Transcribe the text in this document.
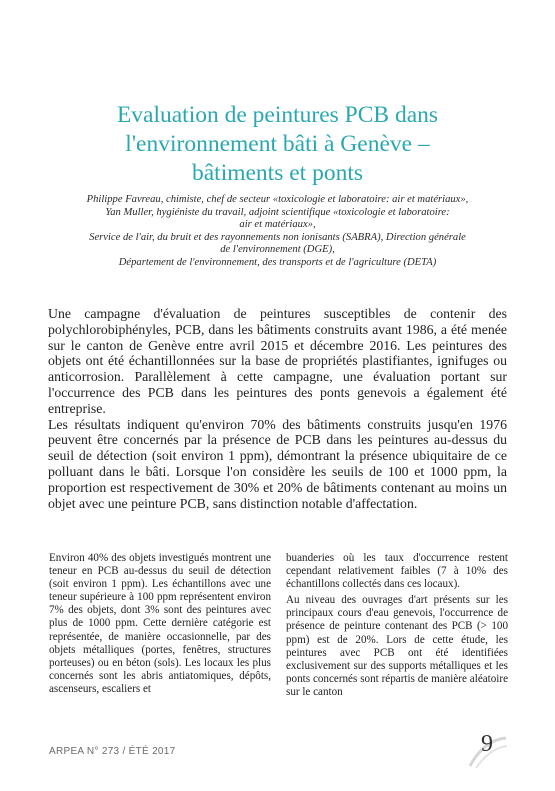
Evaluation de peintures PCB dans
l'environnement bâti à Genève –
bâtiments et ponts
Philippe Favreau, chimiste, chef de secteur «toxicologie et laboratoire: air et matériaux»,
Yan Muller, hygiéniste du travail, adjoint scientifique «toxicologie et laboratoire:
air et matériaux»,
Service de l'air, du bruit et des rayonnements non ionisants (SABRA), Direction générale
de l'environnement (DGE),
Département de l'environnement, des transports et de l'agriculture (DETA)

Une campagne d'évaluation de peintures susceptibles de contenir des polychlorobiphényles, PCB, dans les bâtiments construits avant 1986, a été menée sur le canton de Genève entre avril 2015 et décembre 2016. Les peintures des objets ont été échantillonnées sur la base de propriétés plastifiantes, ignifuges ou anticorrosion. Parallèlement à cette campagne, une évaluation portant sur l'occurrence des PCB dans les peintures des ponts genevois a également été entreprise.

Les résultats indiquent qu'environ 70% des bâtiments construits jusqu'en 1976 peuvent être concernés par la présence de PCB dans les peintures au-dessus du seuil de détection (soit environ 1 ppm), démontrant la présence ubiquitaire de ce polluant dans le bâti. Lorsque l'on considère les seuils de 100 et 1000 ppm, la proportion est respectivement de 30% et 20% de bâtiments contenant au moins un objet avec une peinture PCB, sans distinction notable d'affectation.

Environ 40% des objets investigués montrent une teneur en PCB au-dessus du seuil de détection (soit environ 1 ppm). Les échantillons avec une teneur supérieure à 100 ppm représentent environ 7% des objets, dont 3% sont des peintures avec plus de 1000 ppm. Cette dernière catégorie est représentée, de manière occasionnelle, par des objets métalliques (portes, fenêtres, structures porteuses) ou en béton (sols). Les locaux les plus concernés sont les abris antiatomiques, dépôts, ascenseurs, escaliers et

buanderies où les taux d'occurrence restent cependant relativement faibles (7 à 10% des échantillons collectés dans ces locaux).

Au niveau des ouvrages d'art présents sur les principaux cours d'eau genevois, l'occurrence de présence de peinture contenant des PCB (> 100 ppm) est de 20%. Lors de cette étude, les peintures avec PCB ont été identifiées exclusivement sur des supports métalliques et les ponts concernés sont répartis de manière aléatoire sur le canton

ARPEA N° 273 / ÉTÉ 2017	9
